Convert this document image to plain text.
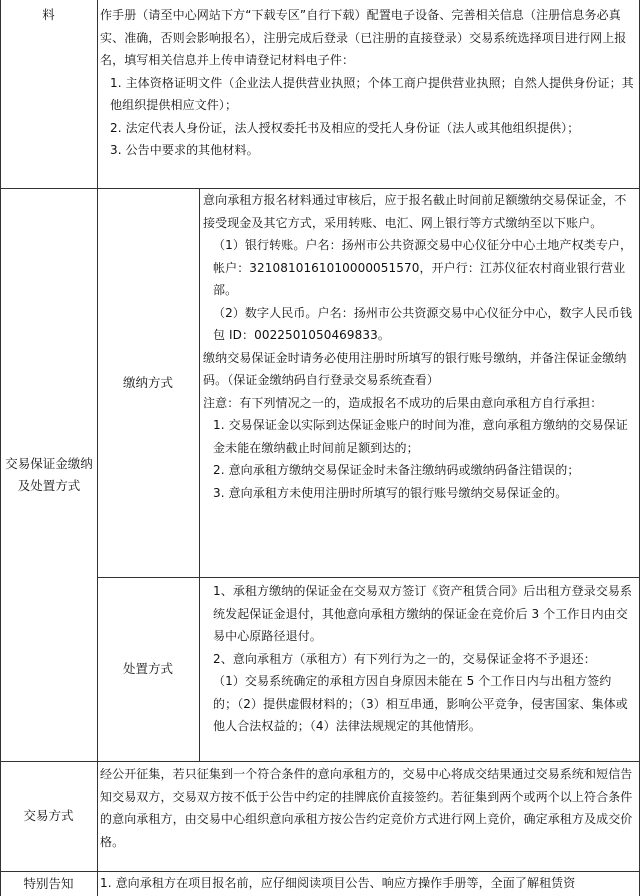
料	作手册（请至中心网站下方“下载专区”自行下载）配置电子设备、完善相关信息（注册信息务必真实、准确，否则会影响报名），注册完成后登录（已注册的直接登录）交易系统选择项目进行网上报名，填写相关信息并上传申请登记材料电子件：

1. 主体资格证明文件（企业法人提供营业执照；个体工商户提供营业执照；自然人提供身份证；其他组织提供相应文件）；

2. 法定代表人身份证，法人授权委托书及相应的受托人身份证（法人或其他组织提供）；

3. 公告中要求的其他材料。

交易保证金缴纳及处置方式
缴纳方式

意向承租方报名材料通过审核后，应于报名截止时间前足额缴纳交易保证金，不接受现金及其它方式，采用转账、电汇、网上银行等方式缴纳至以下账户。

（1）银行转账。户名：扬州市公共资源交易中心仪征分中心土地产权类专户，帐户：3210810161010000051570，开户行：江苏仪征农村商业银行营业部。

（2）数字人民币。户名：扬州市公共资源交易中心仪征分中心，数字人民币钱包 ID：002250105046983​3。

缴纳交易保证金时请务必使用注册时所填写的银行账号缴纳，并备注保证金缴纳码。（保证金缴纳码自行登录交易系统查看）

注意：有下列情况之一的，造成报名不成功的后果由意向承租方自行承担：

1. 交易保证金以实际到达保证金账户的时间为准，意向承租方缴纳的交易保证金未能在缴纳截止时间前足额到达的；

2. 意向承租方缴纳交易保证金时未备注缴纳码或缴纳码备注错误的；

3. 意向承租方未使用注册时所填写的银行账号缴纳交易保证金的。

处置方式

1、承租方缴纳的保证金在交易双方签订《资产租赁合同》后出租方登录交易系统发起保证金退付，其他意向承租方缴纳的保证金在竞价后 3 个工作日内由交易中心原路径退付。

2、意向承租方（承租方）有下列行为之一的，交易保证金将不予退还：

（1）交易系统确定的承租方因自身原因未能在 5 个工作日内与出租方签约的；（2）提供虚假材料的；（3）相互串通，影响公平竞争，侵害国家、集体或他人合法权益的；（4）法律法规规定的其他情形。

交易方式

经公开征集，若只征集到一个符合条件的意向承租方的，交易中心将成交结果通过交易系统和短信告知交易双方，交易双方按不低于公告中约定的挂牌底价直接签约。若征集到两个或两个以上符合条件的意向承租方，由交易中心组织意向承租方按公告约定竞价方式进行网上竞价，确定承租方及成交价格。

特别告知	1. 意向承租方在项目报名前，应仔细阅读项目公告、响应方操作手册等，全面了解租赁资
